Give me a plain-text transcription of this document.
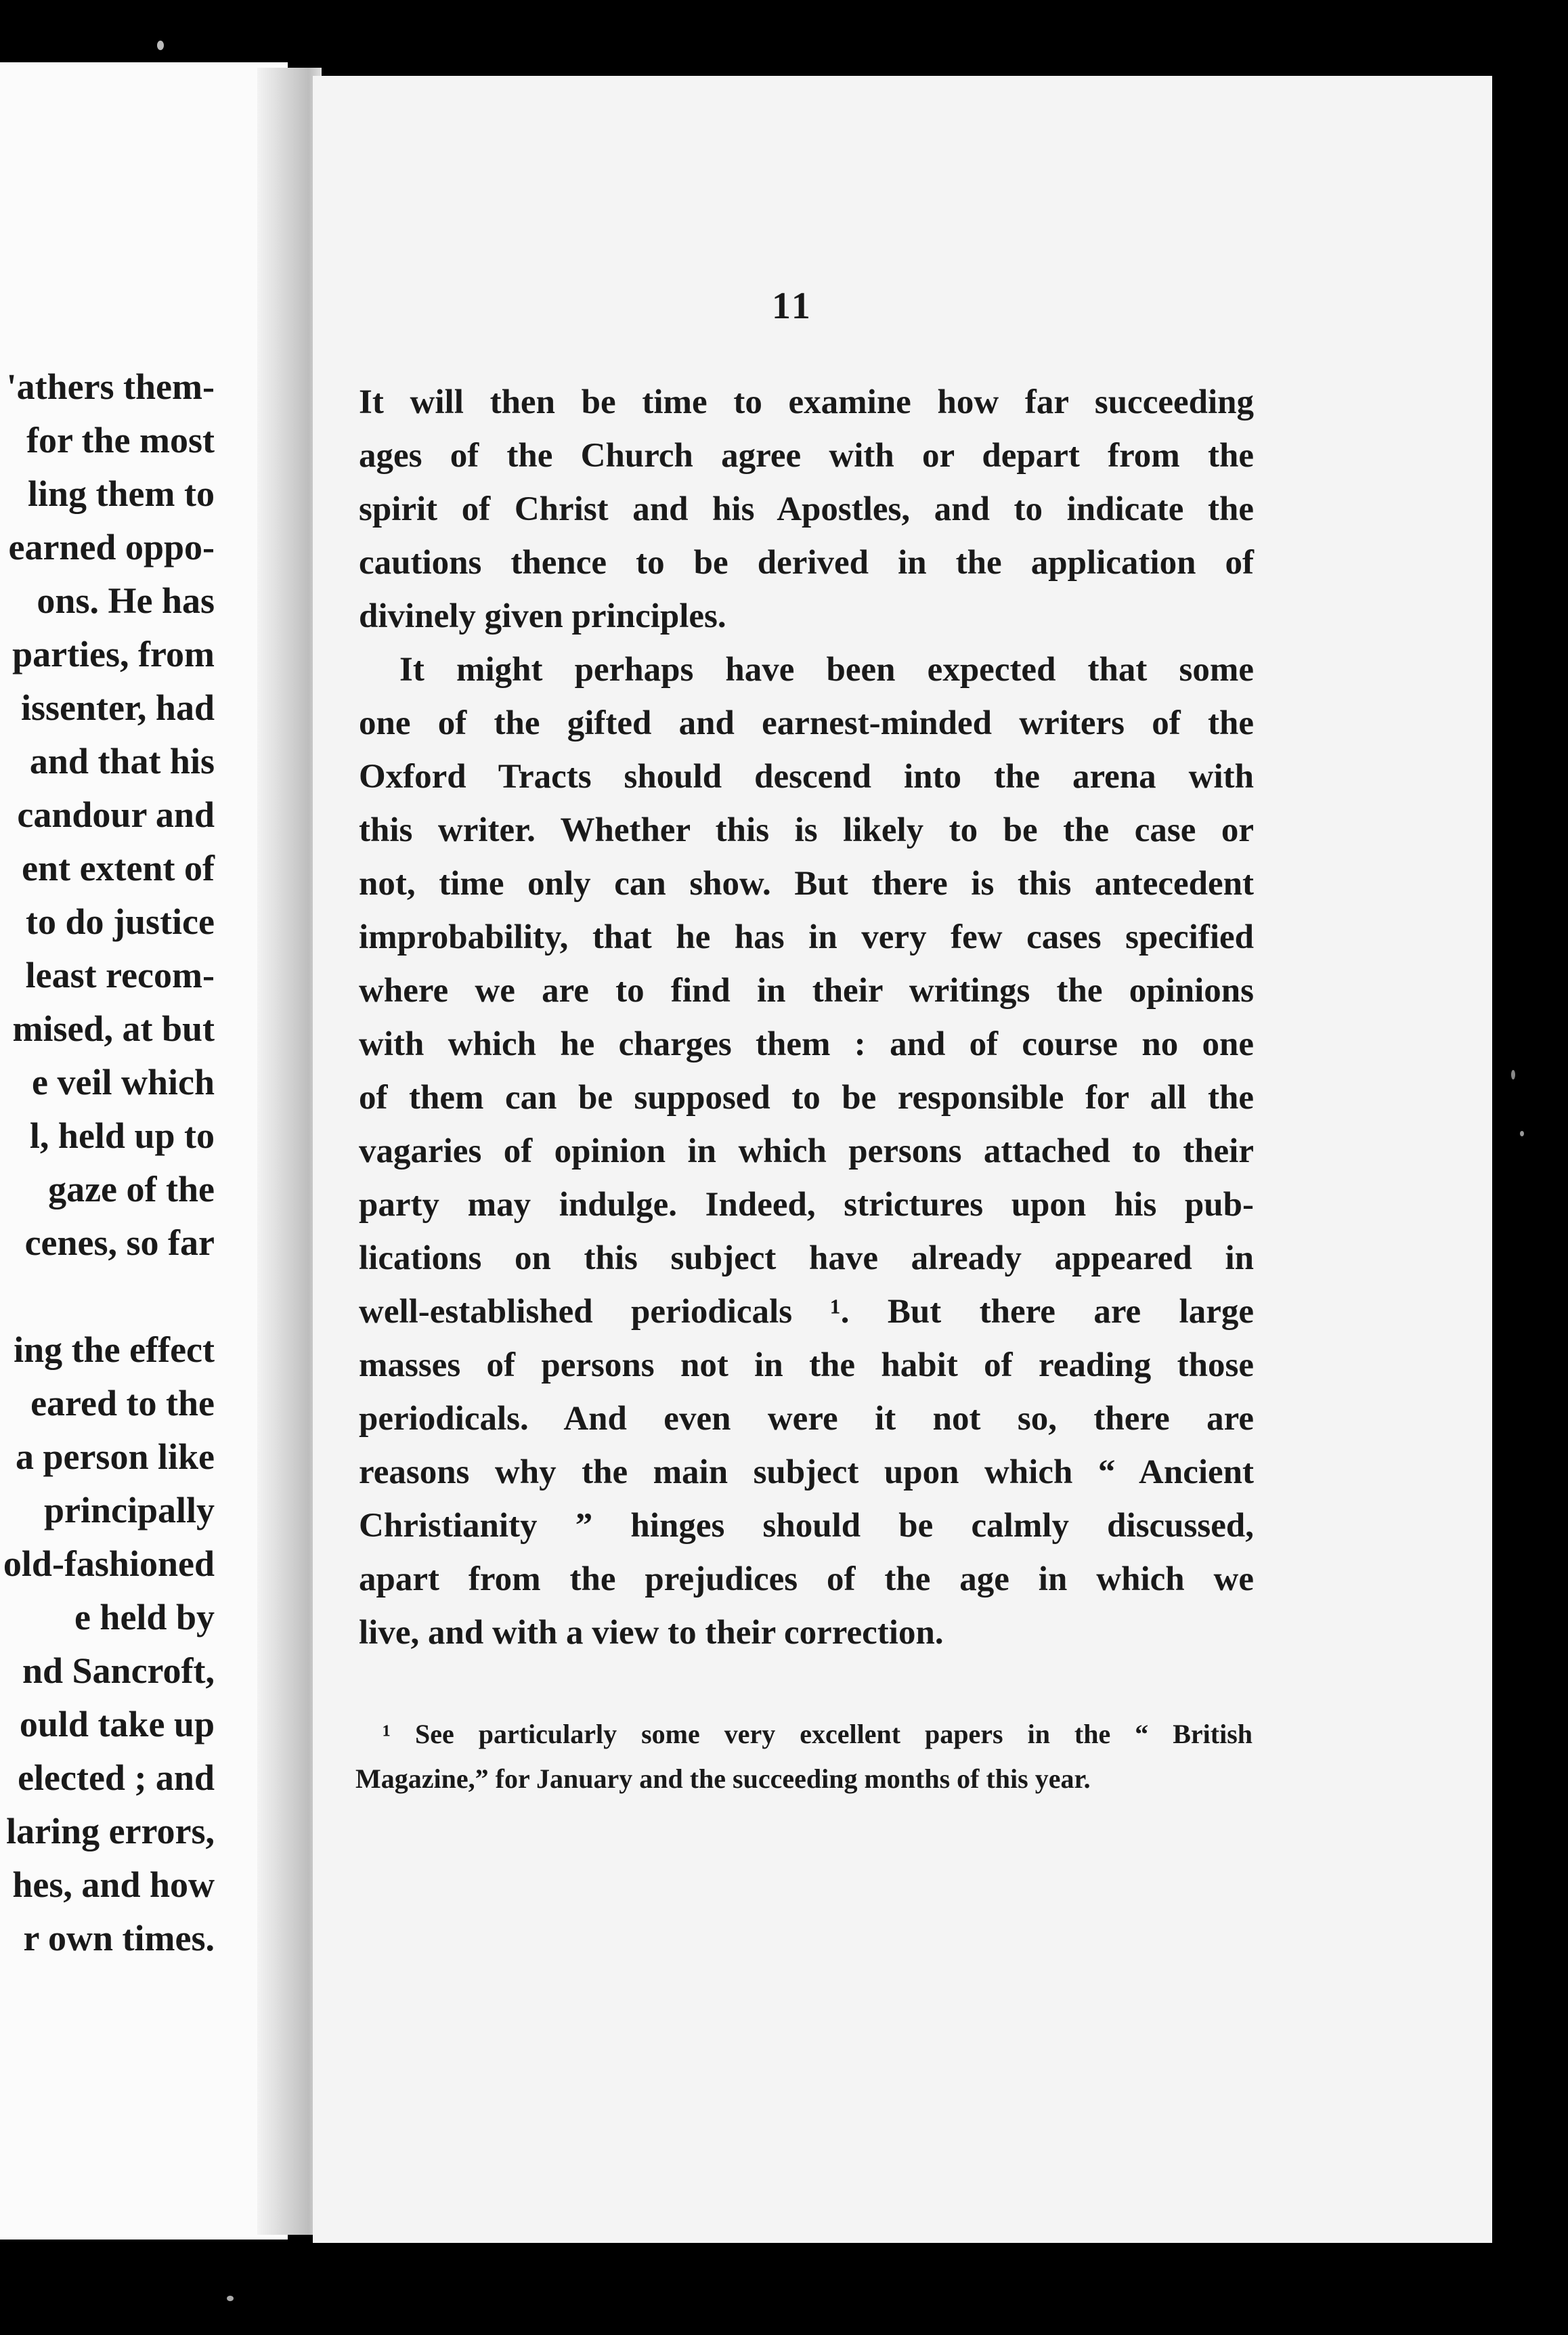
'athers them-
for the most
ling them to
earned oppo-
ons. He has
parties, from
issenter, had
and that his
candour and
ent extent of
to do justice
least recom-
mised, at but
e veil which
l, held up to
gaze of the
cenes, so far
ing the effect
eared to the
a person like
principally
old-fashioned
e held by
nd Sancroft,
ould take up
elected ; and
laring errors,
hes, and how
r own times.
11
It will then be time to examine how far succeeding
ages of the Church agree with or depart from the
spirit of Christ and his Apostles, and to indicate the
cautions thence to be derived in the application of
divinely given principles.
It might perhaps have been expected that some
one of the gifted and earnest-minded writers of the
Oxford Tracts should descend into the arena with
this writer. Whether this is likely to be the case or
not, time only can show. But there is this antecedent
improbability, that he has in very few cases specified
where we are to find in their writings the opinions
with which he charges them : and of course no one
of them can be supposed to be responsible for all the
vagaries of opinion in which persons attached to their
party may indulge. Indeed, strictures upon his pub-
lications on this subject have already appeared in
well-established periodicals ¹. But there are large
masses of persons not in the habit of reading those
periodicals. And even were it not so, there are
reasons why the main subject upon which “ Ancient
Christianity ” hinges should be calmly discussed,
apart from the prejudices of the age in which we
live, and with a view to their correction.
¹ See particularly some very excellent papers in the “ British
Magazine,” for January and the succeeding months of this year.
